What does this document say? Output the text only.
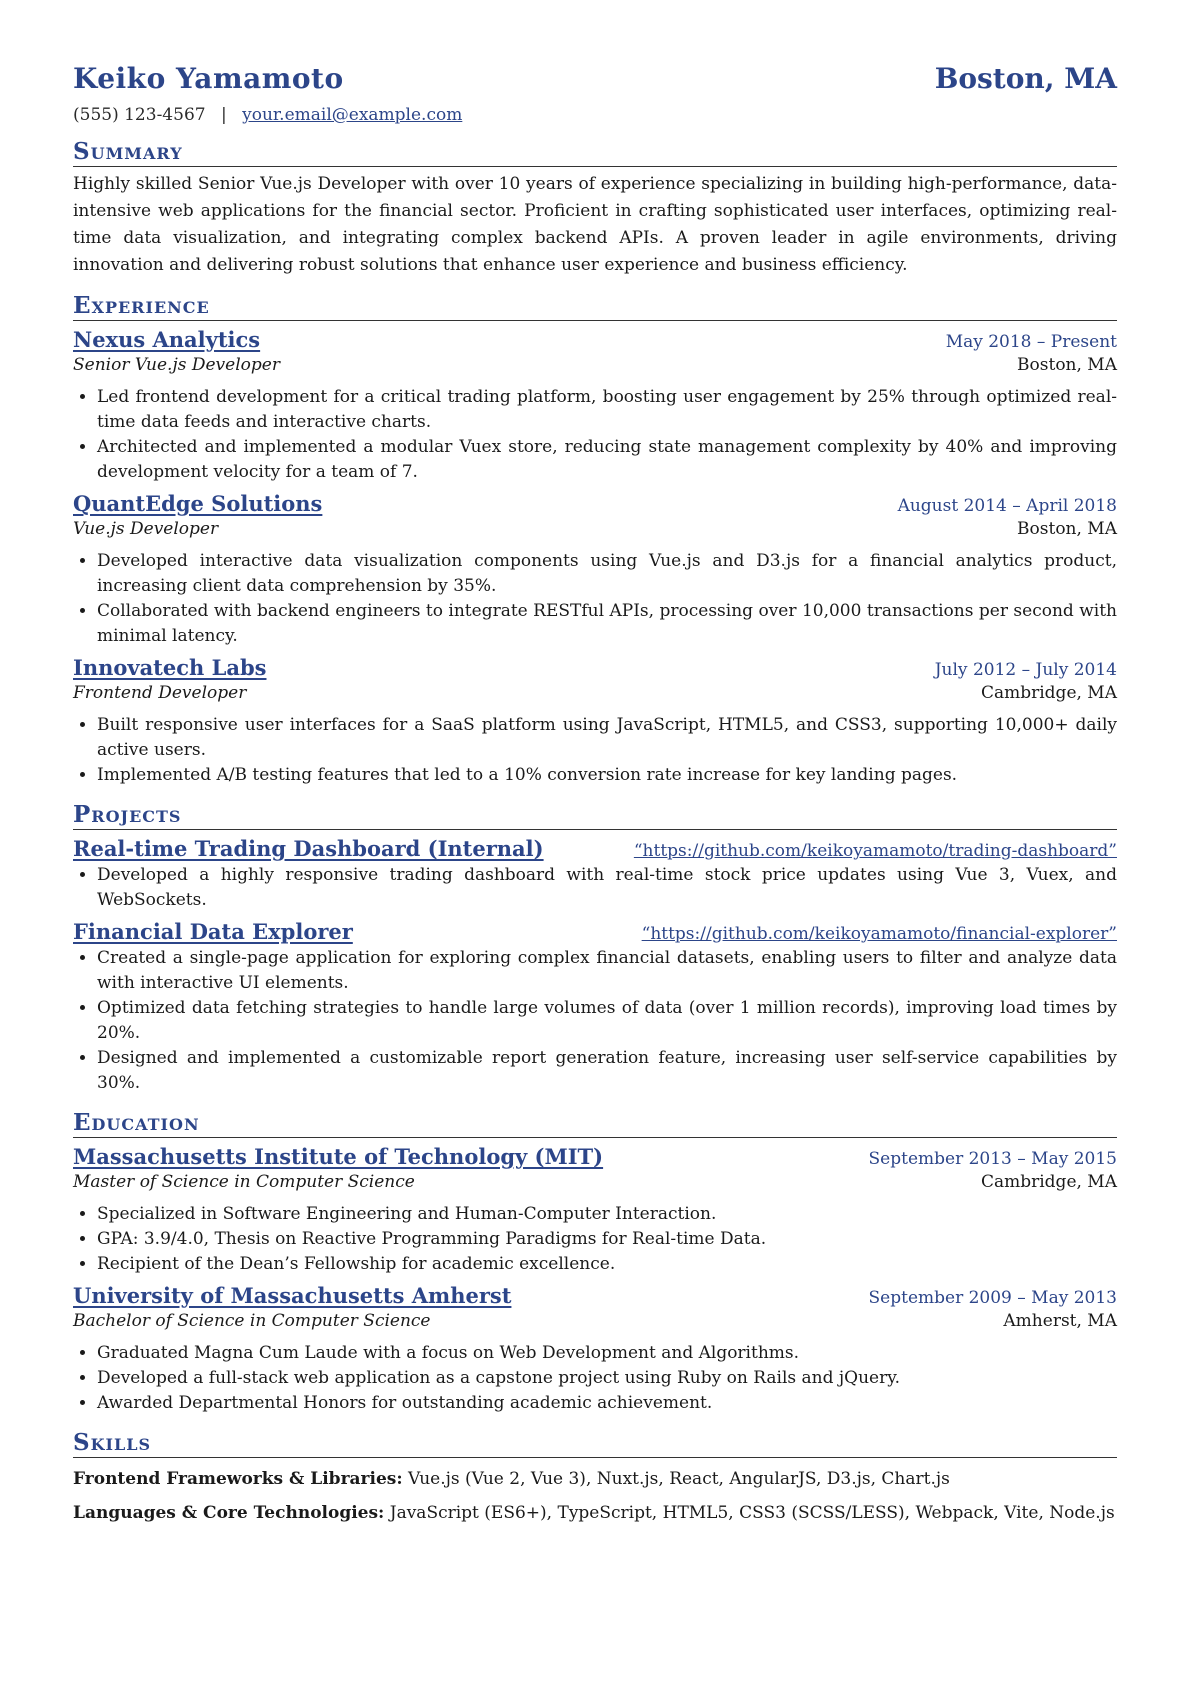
Keiko Yamamoto	Boston, MA
(555) 123-4567 | your.email@example.com
Summary
Highly skilled Senior Vue.js Developer with over 10 years of experience specializing in building high-performance, data-intensive web applications for the financial sector. Proficient in crafting sophisticated user interfaces, optimizing real-time data visualization, and integrating complex backend APIs. A proven leader in agile environments, driving innovation and delivering robust solutions that enhance user experience and business efficiency.
Experience
Nexus Analytics	May 2018 – Present
Senior Vue.js Developer	Boston, MA
• Led frontend development for a critical trading platform, boosting user engagement by 25% through optimized real-time data feeds and interactive charts.
• Architected and implemented a modular Vuex store, reducing state management complexity by 40% and improving development velocity for a team of 7.
QuantEdge Solutions	August 2014 – April 2018
Vue.js Developer	Boston, MA
• Developed interactive data visualization components using Vue.js and D3.js for a financial analytics product, increasing client data comprehension by 35%.
• Collaborated with backend engineers to integrate RESTful APIs, processing over 10,000 transactions per second with minimal latency.
Innovatech Labs	July 2012 – July 2014
Frontend Developer	Cambridge, MA
• Built responsive user interfaces for a SaaS platform using JavaScript, HTML5, and CSS3, supporting 10,000+ daily active users.
• Implemented A/B testing features that led to a 10% conversion rate increase for key landing pages.
Projects
Real-time Trading Dashboard (Internal)	“https://github.com/keikoyamamoto/trading-dashboard”
• Developed a highly responsive trading dashboard with real-time stock price updates using Vue 3, Vuex, and WebSockets.
Financial Data Explorer	“https://github.com/keikoyamamoto/financial-explorer”
• Created a single-page application for exploring complex financial datasets, enabling users to filter and analyze data with interactive UI elements.
• Optimized data fetching strategies to handle large volumes of data (over 1 million records), improving load times by 20%.
• Designed and implemented a customizable report generation feature, increasing user self-service capabilities by 30%.
Education
Massachusetts Institute of Technology (MIT)	September 2013 – May 2015
Master of Science in Computer Science	Cambridge, MA
• Specialized in Software Engineering and Human-Computer Interaction.
• GPA: 3.9/4.0, Thesis on Reactive Programming Paradigms for Real-time Data.
• Recipient of the Dean’s Fellowship for academic excellence.
University of Massachusetts Amherst	September 2009 – May 2013
Bachelor of Science in Computer Science	Amherst, MA
• Graduated Magna Cum Laude with a focus on Web Development and Algorithms.
• Developed a full-stack web application as a capstone project using Ruby on Rails and jQuery.
• Awarded Departmental Honors for outstanding academic achievement.
Skills
Frontend Frameworks & Libraries: Vue.js (Vue 2, Vue 3), Nuxt.js, React, AngularJS, D3.js, Chart.js
Languages & Core Technologies: JavaScript (ES6+), TypeScript, HTML5, CSS3 (SCSS/LESS), Webpack, Vite, Node.js
